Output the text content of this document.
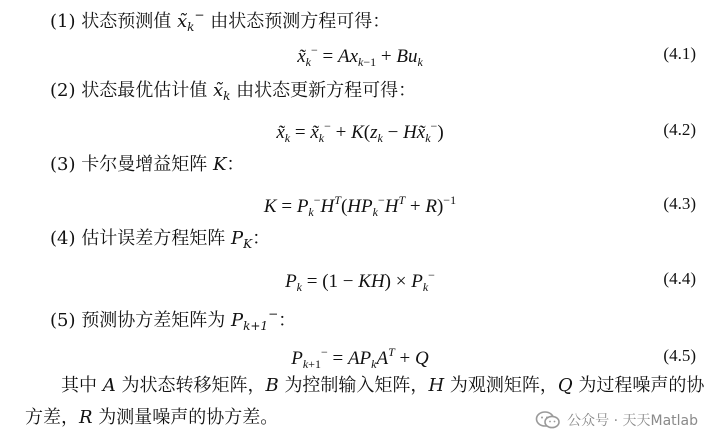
(1) 状态预测值 $x̃_k^-$ 由状态预测方程可得：
$x̃_k^- = Ax_{k-1} + Bu_k$	(4.1)
(2) 状态最优估计值 $x̃_k$ 由状态更新方程可得：
$x̃_k$ = $x̃_k^- + K(z_k$ − $Hx̃_k^-$)	(4.2)
(3) 卡尔曼增益矩阵 K：
$K = P_k^-H^T(HP_k^-H^T + R)^{-1}$	(4.3)
(4) 估计误差方程矩阵 $P_K$：
$P_k = (1 - KH) \times P_k^-$	(4.4)
(5) 预测协方差矩阵为 $P_{k+1}^-$：
$P_{k+1}^- = AP_kA^T + Q$	(4.5)
其中 A 为状态转移矩阵，B 为控制输入矩阵，H 为观测矩阵，Q 为过程噪声的协方差，R 为测量噪声的协方差。	公众号 · 天天Matlab
